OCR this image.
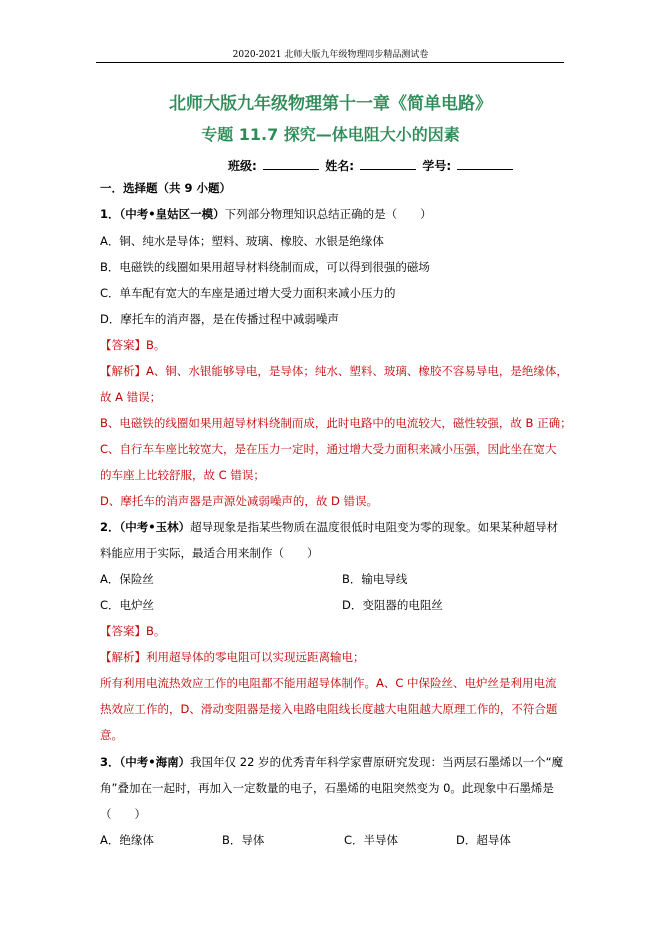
2020-2021 北师大版九年级物理同步精品测试卷
北师大版九年级物理第十一章《简单电路》
专题 11.7 探究—体电阻大小的因素
班级:	姓名:	学号:
一．选择题（共 9 小题）
1．（中考•皇姑区一模）下列部分物理知识总结正确的是（　　）
A．铜、纯水是导体；塑料、玻璃、橡胶、水银是绝缘体
B．电磁铁的线圈如果用超导材料绕制而成，可以得到很强的磁场
C．单车配有宽大的车座是通过增大受力面积来减小压力的
D．摩托车的消声器，是在传播过程中减弱噪声
【答案】B。
【解析】A、铜、水银能够导电，是导体；纯水、塑料、玻璃、橡胶不容易导电，是绝缘体，
故 A 错误；
B、电磁铁的线圈如果用超导材料绕制而成，此时电路中的电流较大，磁性较强，故 B 正确；
C、自行车车座比较宽大，是在压力一定时，通过增大受力面积来减小压强，因此坐在宽大
的车座上比较舒服，故 C 错误；
D、摩托车的消声器是声源处减弱噪声的，故 D 错误。
2．（中考•玉林）超导现象是指某些物质在温度很低时电阻变为零的现象。如果某种超导材
料能应用于实际，最适合用来制作（　　）
A．保险丝	B．输电导线
C．电炉丝	D．变阻器的电阻丝
【答案】B。
【解析】利用超导体的零电阻可以实现远距离输电；
所有利用电流热效应工作的电阻都不能用超导体制作。A、C 中保险丝、电炉丝是利用电流
热效应工作的，D、滑动变阻器是接入电路电阻线长度越大电阻越大原理工作的，不符合题
意。
3．（中考•海南）我国年仅 22 岁的优秀青年科学家曹原研究发现：当两层石墨烯以一个“魔
角”叠加在一起时，再加入一定数量的电子，石墨烯的电阻突然变为 0。此现象中石墨烯是
（　　）
A．绝缘体	B．导体	C．半导体	D．超导体
